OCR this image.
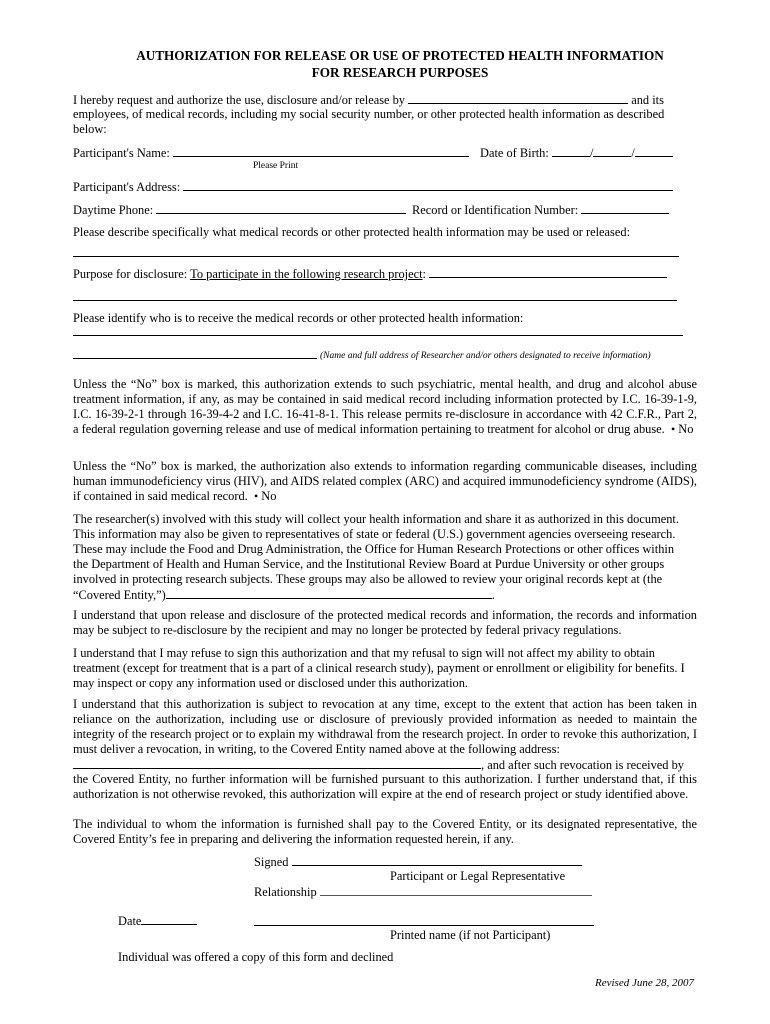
AUTHORIZATION FOR RELEASE OR USE OF PROTECTED HEALTH INFORMATION
FOR RESEARCH PURPOSES
I hereby request and authorize the use, disclosure and/or release by	and its
employees, of medical records, including my social security number, or other protected health information as described
below:
Participant's Name:
Please Print
Date of Birth:	/	/
Participant's Address:
Daytime Phone:	Record or Identification Number:
Please describe specifically what medical records or other protected health information may be used or released:
Purpose for disclosure: To participate in the following research project:
Please identify who is to receive the medical records or other protected health information:
(Name and full address of Researcher and/or others designated to receive information)

Unless the “No” box is marked, this authorization extends to such psychiatric, mental health, and drug and alcohol abuse treatment information, if any, as may be contained in said medical record including information protected by I.C. 16-39-1-9, I.C. 16-39-2-1 through 16-39-4-2 and I.C. 16-41-8-1. This release permits re-disclosure in accordance with 42 C.F.R., Part 2, a federal regulation governing release and use of medical information pertaining to treatment for alcohol or drug abuse. • No

Unless the “No” box is marked, the authorization also extends to information regarding communicable diseases, including human immunodeficiency virus (HIV), and AIDS related complex (ARC) and acquired immunodeficiency syndrome (AIDS), if contained in said medical record. • No

The researcher(s) involved with this study will collect your health information and share it as authorized in this document.
This information may also be given to representatives of state or federal (U.S.) government agencies overseeing research.
These may include the Food and Drug Administration, the Office for Human Research Protections or other offices within
the Department of Health and Human Service, and the Institutional Review Board at Purdue University or other groups
involved in protecting research subjects. These groups may also be allowed to review your original records kept at (the
“Covered Entity,”)	.

I understand that upon release and disclosure of the protected medical records and information, the records and information may be subject to re-disclosure by the recipient and may no longer be protected by federal privacy regulations.

I understand that I may refuse to sign this authorization and that my refusal to sign will not affect my ability to obtain
treatment (except for treatment that is a part of a clinical research study), payment or enrollment or eligibility for benefits. I
may inspect or copy any information used or disclosed under this authorization.

I understand that this authorization is subject to revocation at any time, except to the extent that action has been taken in reliance on the authorization, including use or disclosure of previously provided information as needed to maintain the integrity of the research project or to explain my withdrawal from the research project. In order to revoke this authorization, I must deliver a revocation, in writing, to the Covered Entity named above at the following address:

, and after such revocation is received by

the Covered Entity, no further information will be furnished pursuant to this authorization. I further understand that, if this authorization is not otherwise revoked, this authorization will expire at the end of research project or study identified above.

The individual to whom the information is furnished shall pay to the Covered Entity, or its designated representative, the Covered Entity’s fee in preparing and delivering the information requested herein, if any.

Signed
Participant or Legal Representative
Relationship
Date
Printed name (if not Participant)
Individual was offered a copy of this form and declined
Revised June 28, 2007
